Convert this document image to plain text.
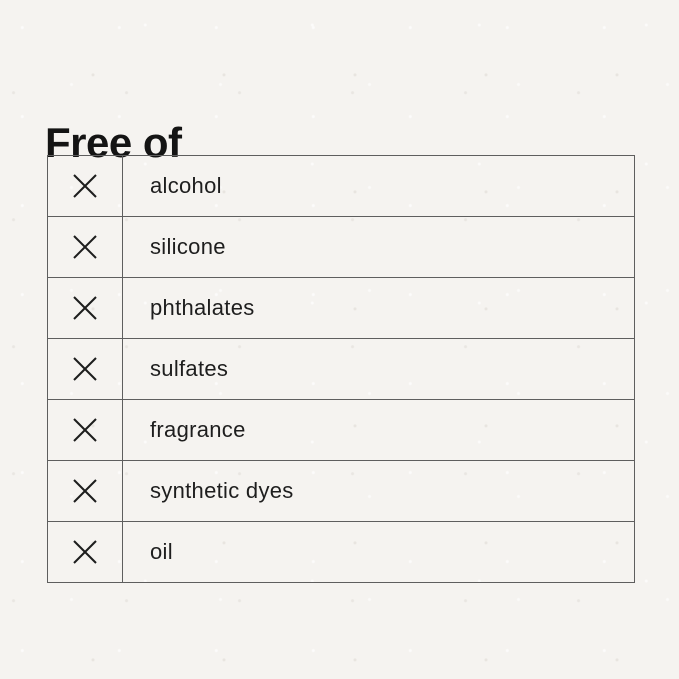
Free of
alcohol
silicone
phthalates
sulfates
fragrance
synthetic dyes
oil
